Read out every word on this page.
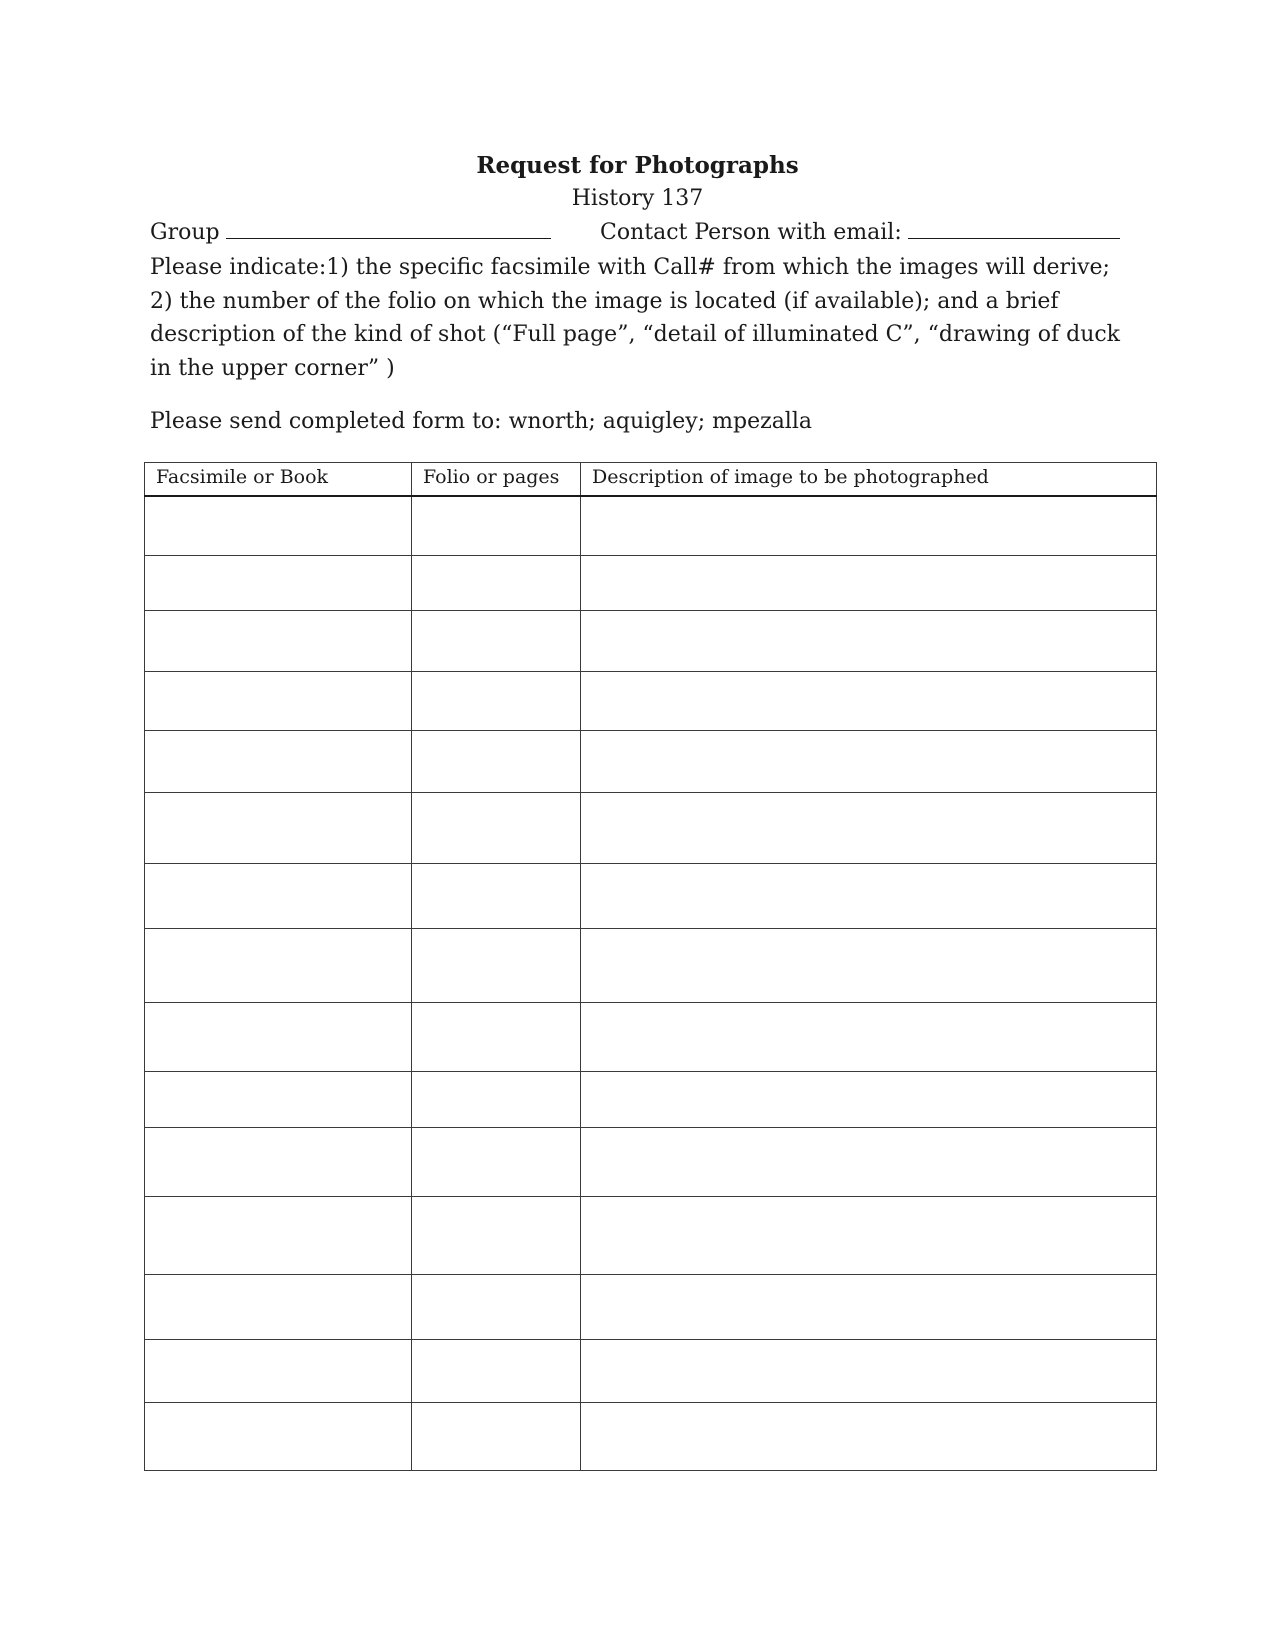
Request for Photographs
History 137
Group	Contact Person with email:
Please indicate:1) the specific facsimile with Call# from which the images will derive; 2) the number of the folio on which the image is located (if available); and a brief description of the kind of shot (“Full page”, “detail of illuminated C”, “drawing of duck in the upper corner” )
Please send completed form to: wnorth; aquigley; mpezalla
Facsimile or Book	Folio or pages	Description of image to be photographed
